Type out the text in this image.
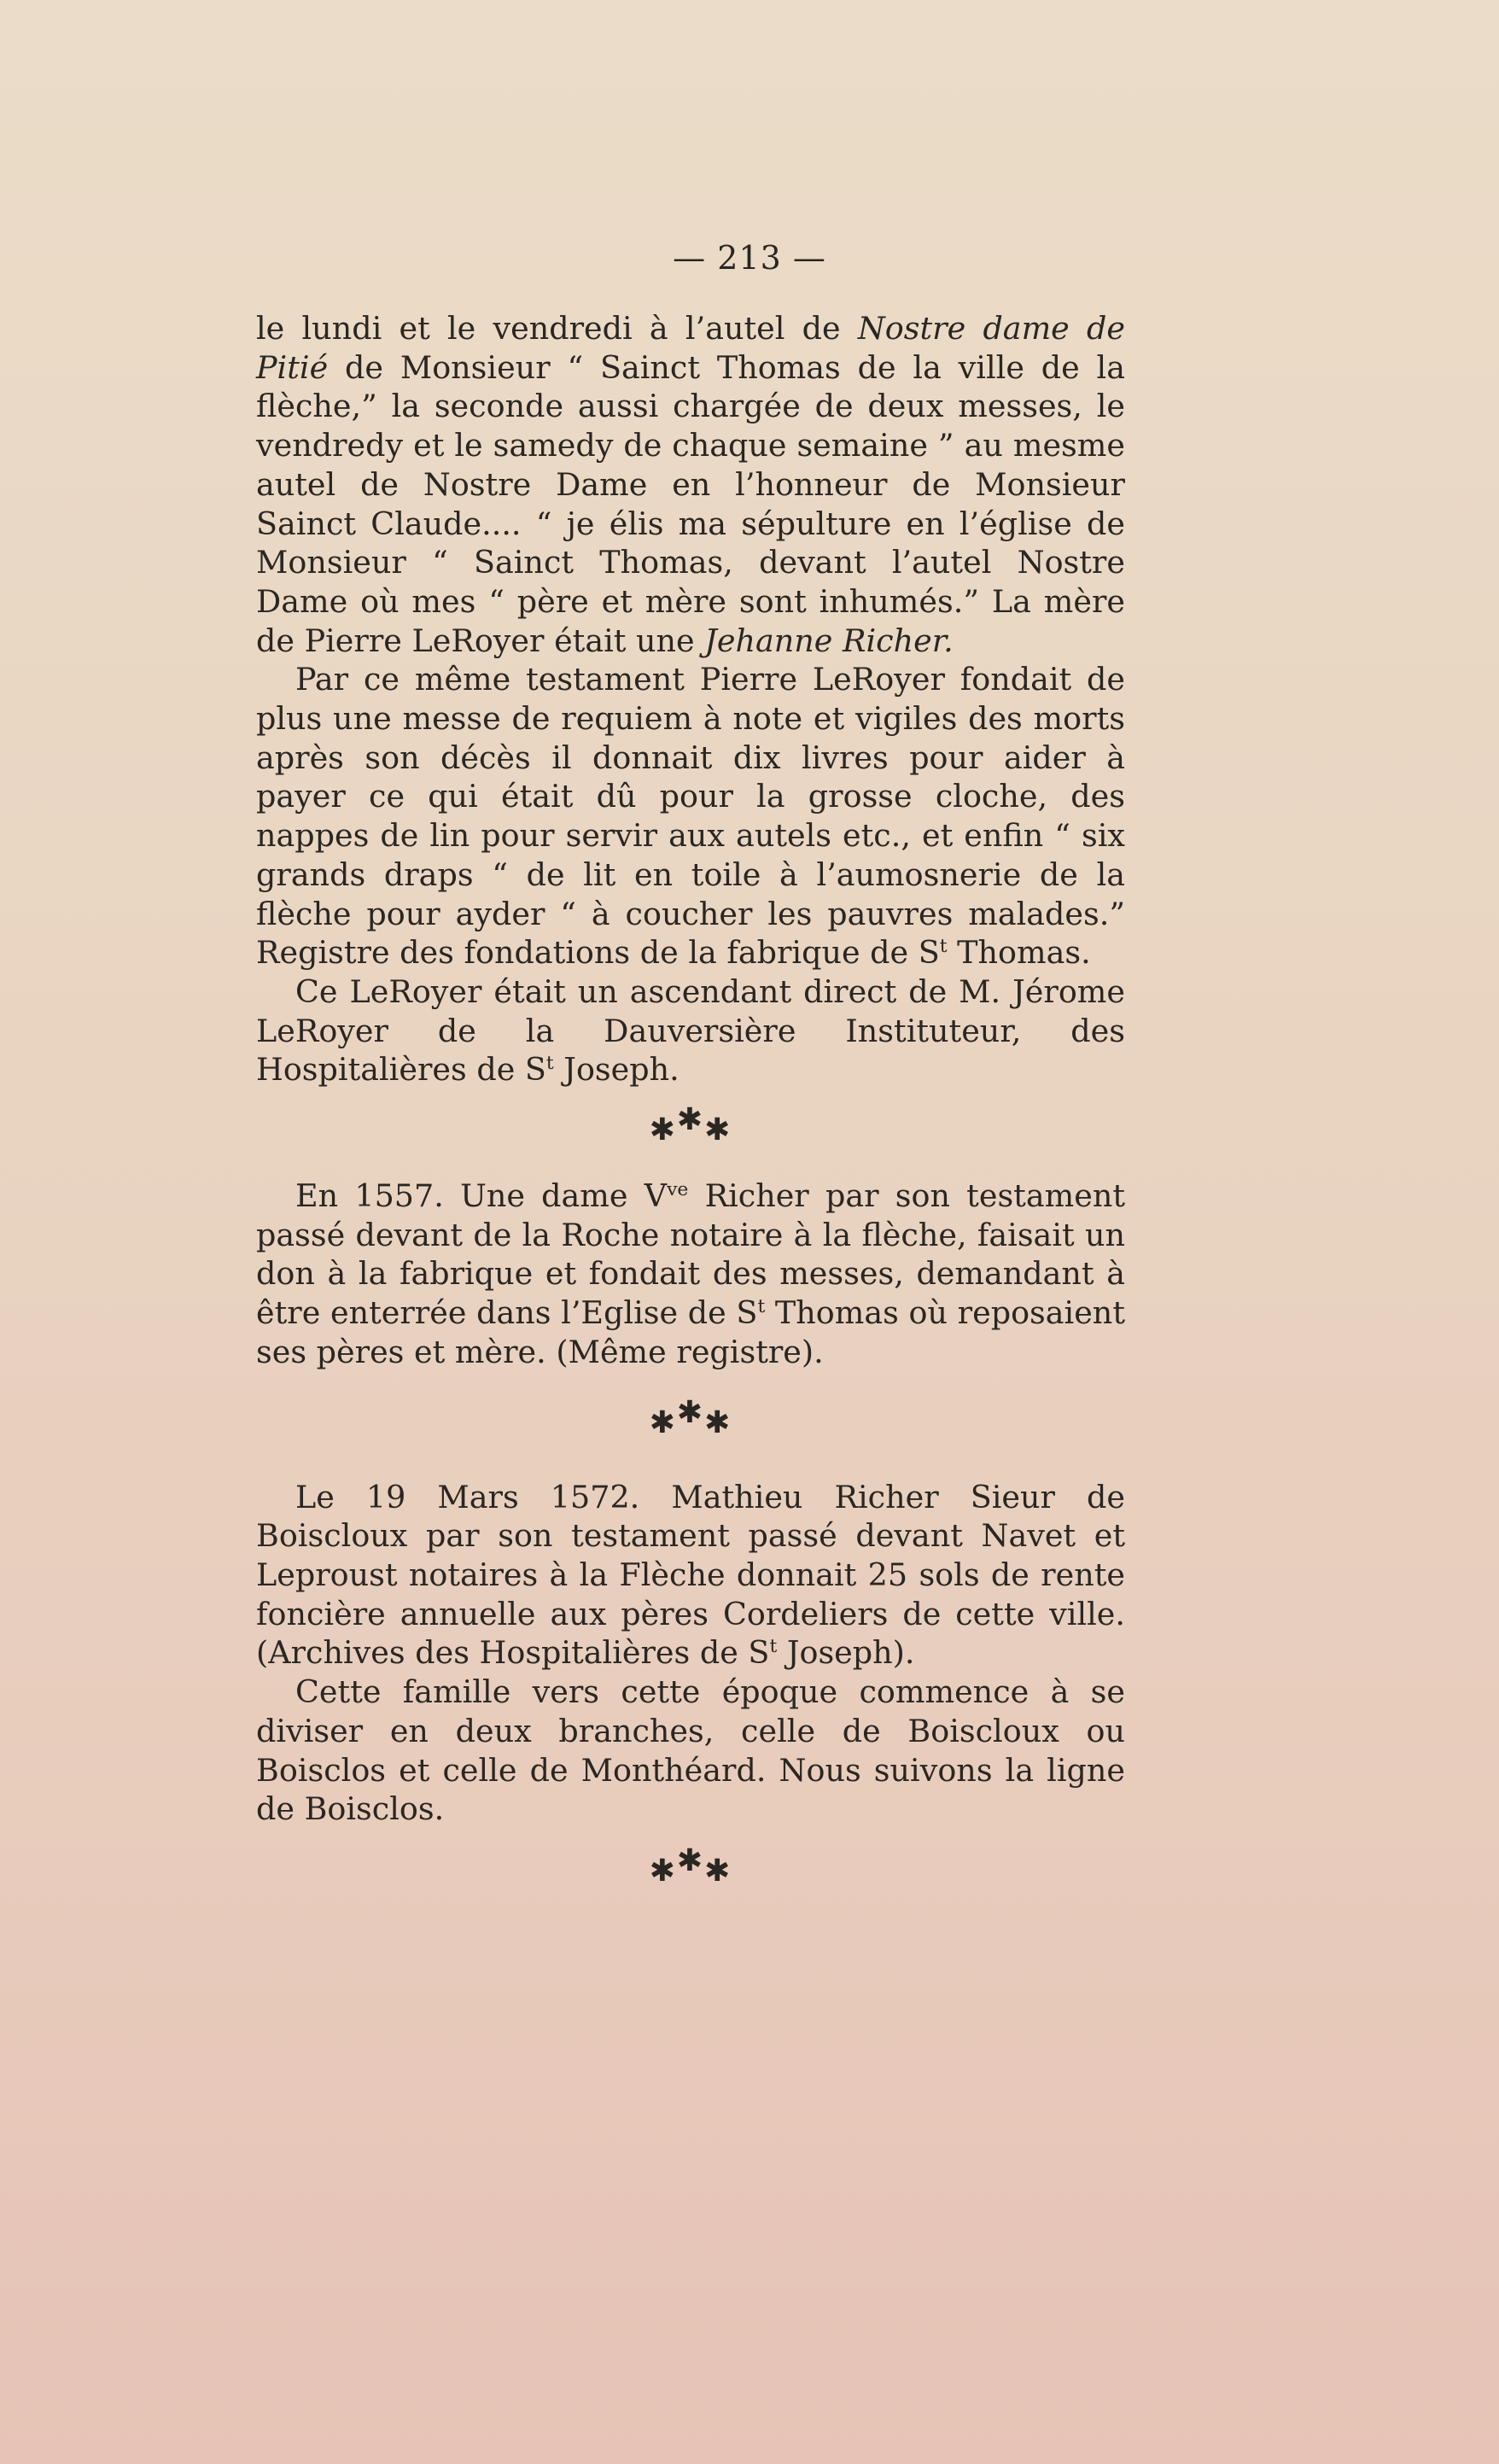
— 213 —

le lundi et le vendredi à l’autel de Nostre dame de Pitié de Monsieur “ Sainct Thomas de la ville de la flèche,” la seconde aussi chargée de deux messes, le vendredy et le samedy de chaque semaine ” au mesme autel de Nostre Dame en l’honneur de Monsieur Sainct Claude.... “ je élis ma sépulture en l’église de Monsieur “ Sainct Thomas, devant l’autel Nostre Dame où mes “ père et mère sont inhumés.” La mère de Pierre LeRoyer était une Jehanne Richer.

Par ce même testament Pierre LeRoyer fondait de plus une messe de requiem à note et vigiles des morts après son décès il donnait dix livres pour aider à payer ce qui était dû pour la grosse cloche, des nappes de lin pour servir aux autels etc., et enfin “ six grands draps “ de lit en toile à l’aumosnerie de la flèche pour ayder “ à coucher les pauvres malades.” Registre des fondations de la fabrique de $S^t$ Thomas.

Ce LeRoyer était un ascendant direct de M. Jérome LeRoyer de la Dauversière Instituteur, des Hospitalières de $S^t$ Joseph.

✱✱✱

En 1557. Une dame $V^{ve}$ Richer par son testament passé devant de la Roche notaire à la flèche, faisait un don à la fabrique et fondait des messes, demandant à être enterrée dans l’Eglise de $S^t$ Thomas où reposaient ses pères et mère. (Même registre).

✱✱✱

Le 19 Mars 1572. Mathieu Richer Sieur de Boiscloux par son testament passé devant Navet et Leproust notaires à la Flèche donnait 25 sols de rente foncière annuelle aux pères Cordeliers de cette ville. (Archives des Hospitalières de $S^t$ Joseph).

Cette famille vers cette époque commence à se diviser en deux branches, celle de Boiscloux ou Boisclos et celle de Monthéard. Nous suivons la ligne de Boisclos.

✱✱✱
